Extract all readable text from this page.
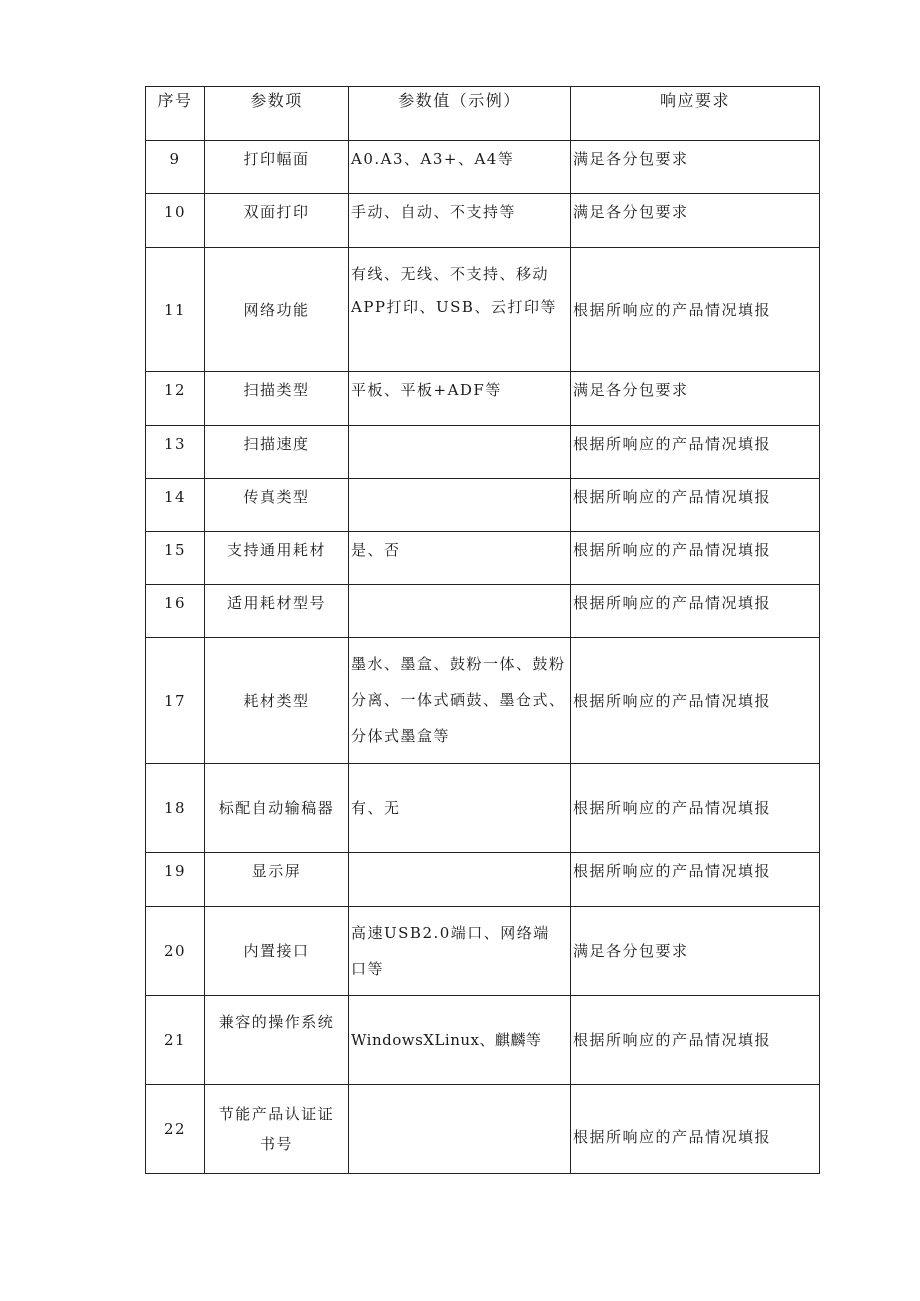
序号	参数项	参数值（示例）	响应要求
9	打印幅面	A0.A3、A3+、A4等	满足各分包要求
10	双面打印	手动、自动、不支持等	满足各分包要求
11	网络功能	有线、无线、不支持、移动APP打印、USB、云打印等	根据所响应的产品情况填报
12	扫描类型	平板、平板+ADF等	满足各分包要求
13	扫描速度		根据所响应的产品情况填报
14	传真类型		根据所响应的产品情况填报
15	支持通用耗材	是、否	根据所响应的产品情况填报
16	适用耗材型号		根据所响应的产品情况填报
17	耗材类型	墨水、墨盒、鼓粉一体、鼓粉分离、一体式硒鼓、墨仓式、分体式墨盒等	根据所响应的产品情况填报
18	标配自动输稿器	有、无	根据所响应的产品情况填报
19	显示屏		根据所响应的产品情况填报
20	内置接口	高速USB2.0端口、网络端口等	满足各分包要求
21	兼容的操作系统	WindowsXLinux、麒麟等	根据所响应的产品情况填报
22	节能产品认证证书号		根据所响应的产品情况填报
